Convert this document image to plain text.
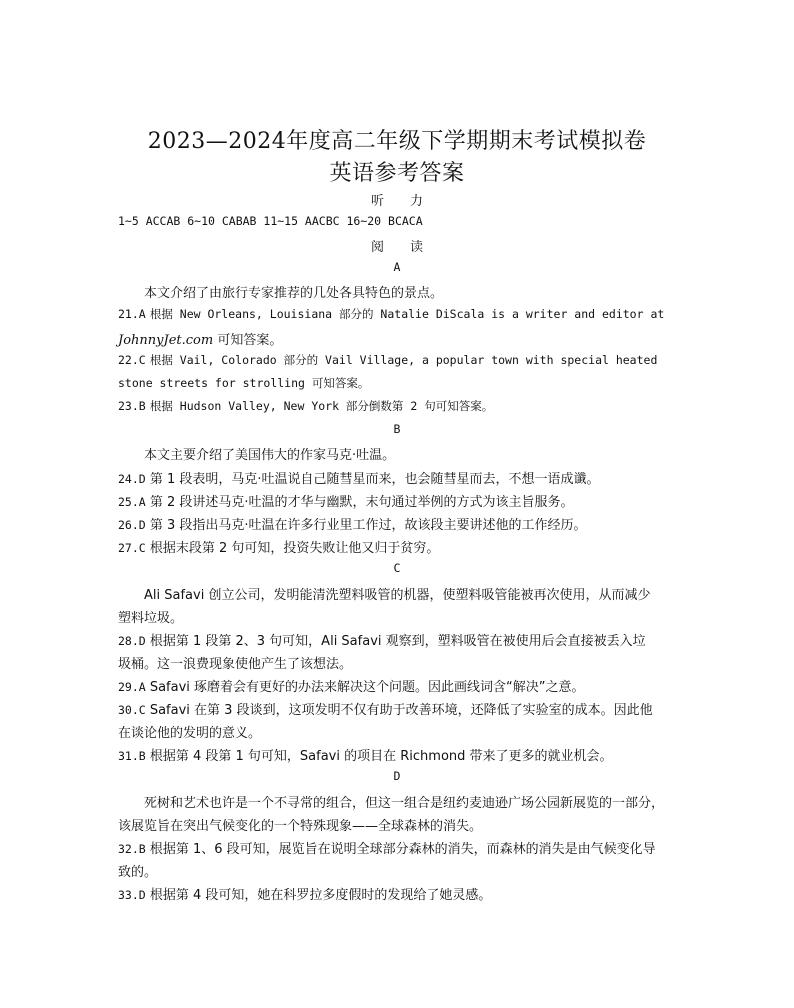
2023—2024年度高二年级下学期期末考试模拟卷
英语参考答案
听　　力
1~5 ACCAB 6~10 CABAB 11~15 AACBC 16~20 BCACA
阅　　读
A
本文介绍了由旅行专家推荐的几处各具特色的景点。
21.A 根据 New Orleans, Louisiana 部分的 Natalie DiScala is a writer and editor at
JohnnyJet.com 可知答案。
22.C 根据 Vail, Colorado 部分的 Vail Village, a popular town with special heated
stone streets for strolling 可知答案。
23.B 根据 Hudson Valley, New York 部分倒数第 2 句可知答案。
B
本文主要介绍了美国伟大的作家马克·吐温。
24.D 第 1 段表明，马克·吐温说自己随彗星而来，也会随彗星而去，不想一语成谶。
25.A 第 2 段讲述马克·吐温的才华与幽默，末句通过举例的方式为该主旨服务。
26.D 第 3 段指出马克·吐温在许多行业里工作过，故该段主要讲述他的工作经历。
27.C 根据末段第 2 句可知，投资失败让他又归于贫穷。
C
Ali Safavi 创立公司，发明能清洗塑料吸管的机器，使塑料吸管能被再次使用，从而减少
塑料垃圾。
28.D 根据第 1 段第 2、3 句可知，Ali Safavi 观察到，塑料吸管在被使用后会直接被丢入垃
圾桶。这一浪费现象使他产生了该想法。
29.A Safavi 琢磨着会有更好的办法来解决这个问题。因此画线词含“解决”之意。
30.C Safavi 在第 3 段谈到，这项发明不仅有助于改善环境，还降低了实验室的成本。因此他
在谈论他的发明的意义。
31.B 根据第 4 段第 1 句可知，Safavi 的项目在 Richmond 带来了更多的就业机会。
D
死树和艺术也许是一个不寻常的组合，但这一组合是纽约麦迪逊广场公园新展览的一部分，
该展览旨在突出气候变化的一个特殊现象——全球森林的消失。
32.B 根据第 1、6 段可知，展览旨在说明全球部分森林的消失，而森林的消失是由气候变化导
致的。
33.D 根据第 4 段可知，她在科罗拉多度假时的发现给了她灵感。
